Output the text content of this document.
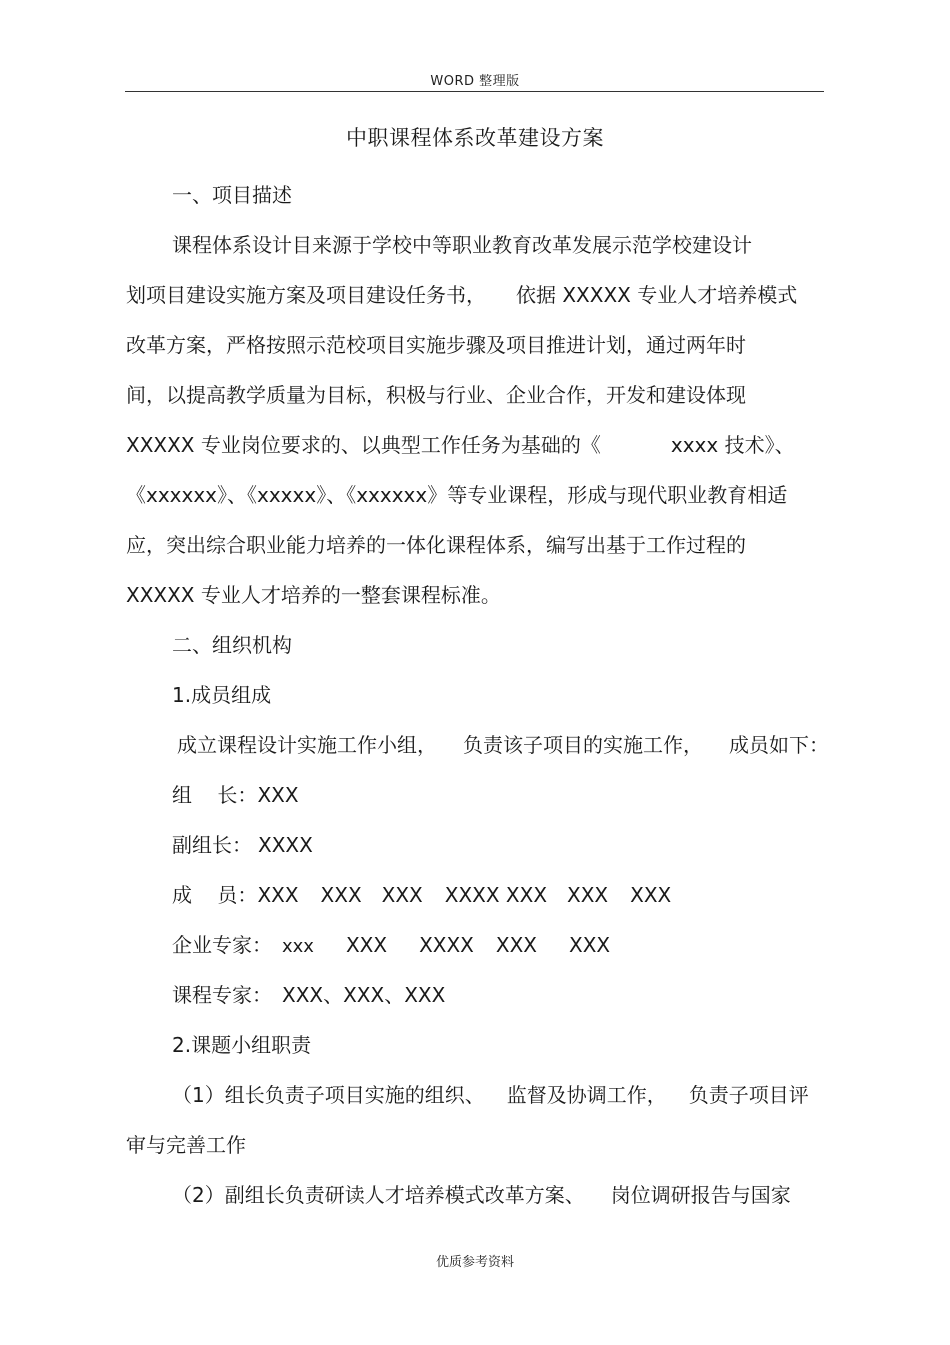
WORD 整理版
中职课程体系改革建设方案
一、项目描述
课程体系设计目来源于学校中等职业教育改革发展示范学校建设计
划项目建设实施方案及项目建设任务书， 依据 XXXXX 专业人才培养模式
改革方案，严格按照示范校项目实施步骤及项目推进计划，通过两年时
间，以提高教学质量为目标，积极与行业、企业合作，开发和建设体现
XXXXX 专业岗位要求的、以典型工作任务为基础的《	xxxx 技术》、
《xxxxxx》、《xxxxx》、《xxxxxx》等专业课程，形成与现代职业教育相适
应，突出综合职业能力培养的一体化课程体系，编写出基于工作过程的
XXXXX 专业人才培养的一整套课程标准。
二、组织机构
1.成员组成
成立课程设计实施工作小组， 负责该子项目的实施工作， 成员如下：
组    长：XXX
副组长： XXXX
成    员：XXX XXX XXX XXXX XXX XXX XXX
企业专家： xxx XXX XXXX XXX XXX
课程专家： XXX、XXX、XXX
2.课题小组职责
（1）组长负责子项目实施的组织、 监督及协调工作， 负责子项目评
审与完善工作
（2）副组长负责研读人才培养模式改革方案、 岗位调研报告与国家
优质参考资料
